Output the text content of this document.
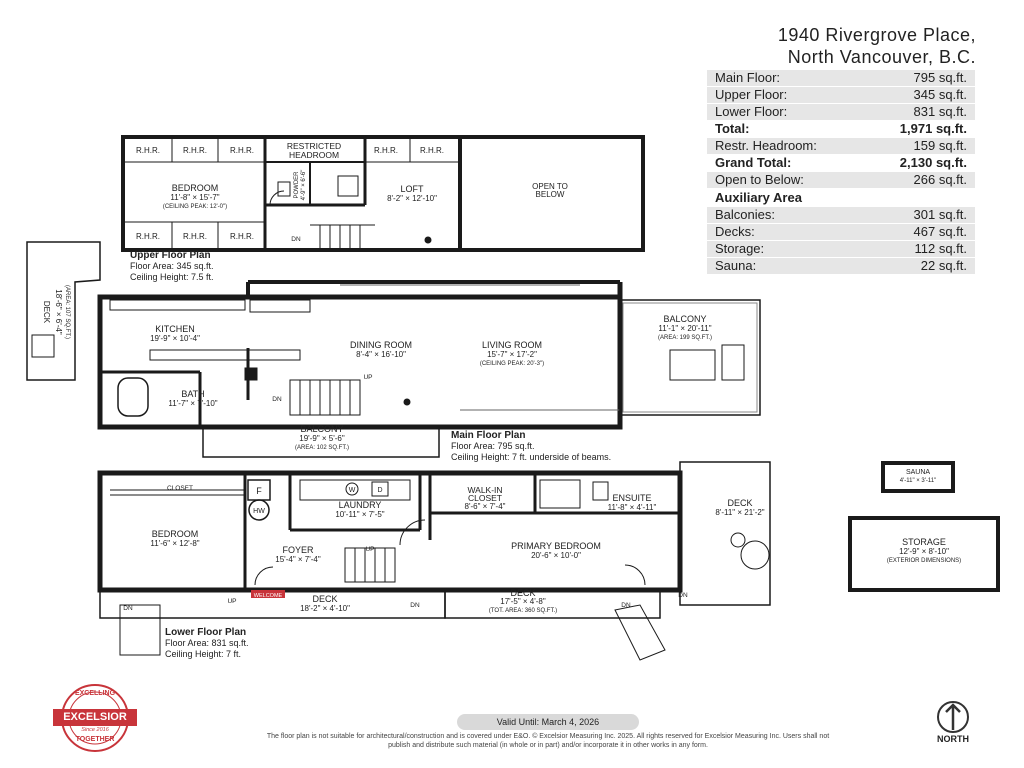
1940 Rivergrove Place,
North Vancouver, B.C.
Main Floor:	795 sq.ft.
Upper Floor:	345 sq.ft.
Lower Floor:	831 sq.ft.
Total:	1,971 sq.ft.
Restr. Headroom:	159 sq.ft.
Grand Total:	2,130 sq.ft.
Open to Below:	266 sq.ft.
Auxiliary Area
Balconies:	301 sq.ft.
Decks:	467 sq.ft.
Storage:	112 sq.ft.
Sauna:	22 sq.ft.
R.H.R.	R.H.R.	R.H.R.
R.H.R.	R.H.R.	R.H.R.
R.H.R.	R.H.R.
RESTRICTED
HEADROOM
BEDROOM
11'-8" × 15'-7"
(CEILING PEAK: 12'-0")
POWDER 4'-9" × 6'-6"	LOFT
8'-2" × 12'-10"
OPEN TO
BELOW
DN
KITCHEN
19'-9" × 10'-4"
DINING ROOM
8'-4" × 16'-10"
LIVING ROOM
15'-7" × 17'-2"
(CEILING PEAK: 20'-3")
BATH
11'-7" × 7'-10"
BALCONY
11'-1" × 20'-11"
(AREA: 199 SQ.FT.)
BALCONY
19'-9" × 5'-6"
(AREA: 102 SQ.FT.)
DECK 18'-6" × 6'-4" (AREA: 107 SQ.FT.)
UP
DN
CLOSET
BEDROOM
11'-6" × 12'-8"
FOYER
15'-4" × 7'-4"
LAUNDRY
10'-11" × 7'-5"
WALK-IN
CLOSET
8'-6" × 7'-4"
ENSUITE
11'-8" × 4'-11"
PRIMARY BEDROOM
20'-6" × 10'-0"
DECK
8'-11" × 21'-2"
DECK
18'-2" × 4'-10"
DECK
17'-5" × 4'-8"
(TOT. AREA: 360 SQ.FT.)
F
HW
W	D
UP
UP
DN	DN	DN
DN
SAUNA
4'-11" × 3'-11"
STORAGE
12'-9" × 8'-10"
(EXTERIOR DIMENSIONS)
WELCOME
NORTH
EXCELLING
EXCELSIOR
Since 2016
TOGETHER
Upper Floor Plan
Floor Area: 345 sq.ft.
Ceiling Height: 7.5 ft.
Main Floor Plan
Floor Area: 795 sq.ft.
Ceiling Height: 7 ft. underside of beams.
Lower Floor Plan
Floor Area: 831 sq.ft.
Ceiling Height: 7 ft.
Valid Until: March 4, 2026
The floor plan is not suitable for architectural/construction and is covered under E&O. © Excelsior Measuring Inc. 2025. All rights reserved for Excelsior Measuring Inc. Users shall not publish and distribute such material (in whole or in part) and/or incorporate it in other works in any form.
